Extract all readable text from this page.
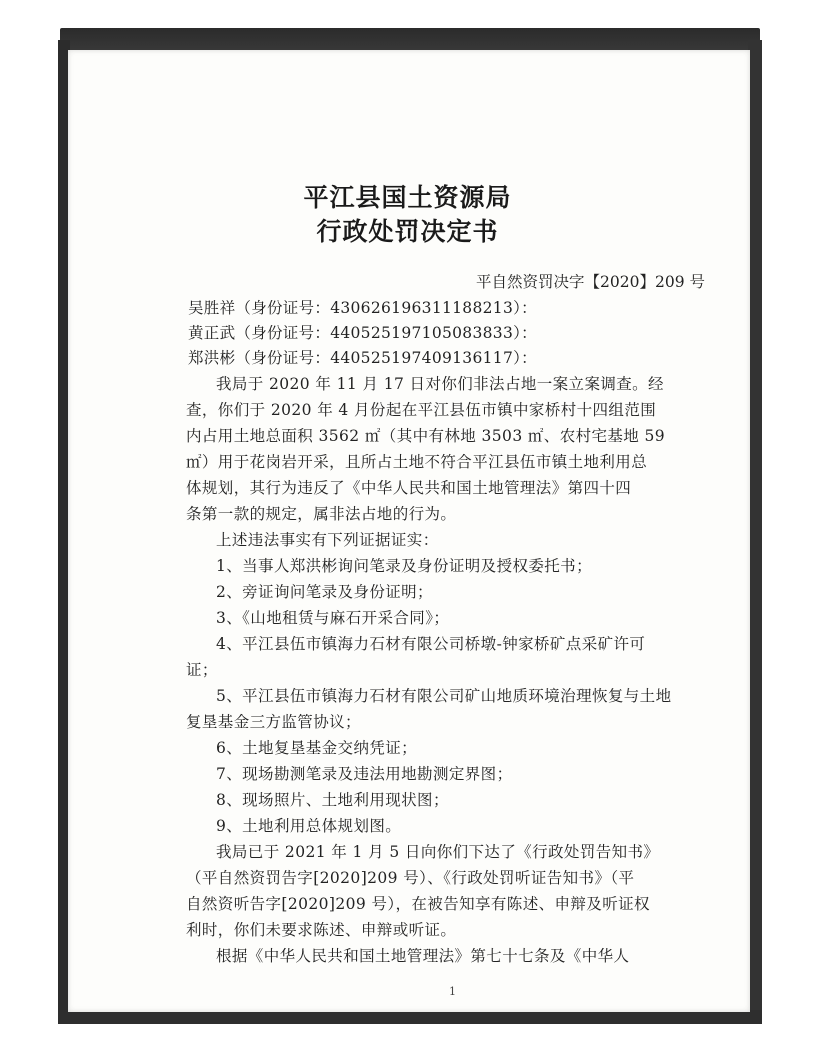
平江县国土资源局
行政处罚决定书
平自然资罚决字【2020】209 号
吴胜祥（身份证号：430626196311188213）：
黄正武（身份证号：440525197105083833）：
郑洪彬（身份证号：440525197409136117）：
我局于 2020 年 11 月 17 日对你们非法占地一案立案调查。经
查，你们于 2020 年 4 月份起在平江县伍市镇中家桥村十四组范围
内占用土地总面积 3562 ㎡（其中有林地 3503 ㎡、农村宅基地 59
㎡）用于花岗岩开采，且所占土地不符合平江县伍市镇土地利用总
体规划，其行为违反了《中华人民共和国土地管理法》第四十四
条第一款的规定，属非法占地的行为。
上述违法事实有下列证据证实：
1、当事人郑洪彬询问笔录及身份证明及授权委托书；
2、旁证询问笔录及身份证明；
3、《山地租赁与麻石开采合同》；
4、平江县伍市镇海力石材有限公司桥墩-钟家桥矿点采矿许可
证；
5、平江县伍市镇海力石材有限公司矿山地质环境治理恢复与土地
复垦基金三方监管协议；
6、土地复垦基金交纳凭证；
7、现场勘测笔录及违法用地勘测定界图；
8、现场照片、土地利用现状图；
9、土地利用总体规划图。
我局已于 2021 年 1 月 5 日向你们下达了《行政处罚告知书》
（平自然资罚告字[2020]209 号）、《行政处罚听证告知书》（平
自然资听告字[2020]209 号），在被告知享有陈述、申辩及听证权
利时，你们未要求陈述、申辩或听证。
根据《中华人民共和国土地管理法》第七十七条及《中华人
1
